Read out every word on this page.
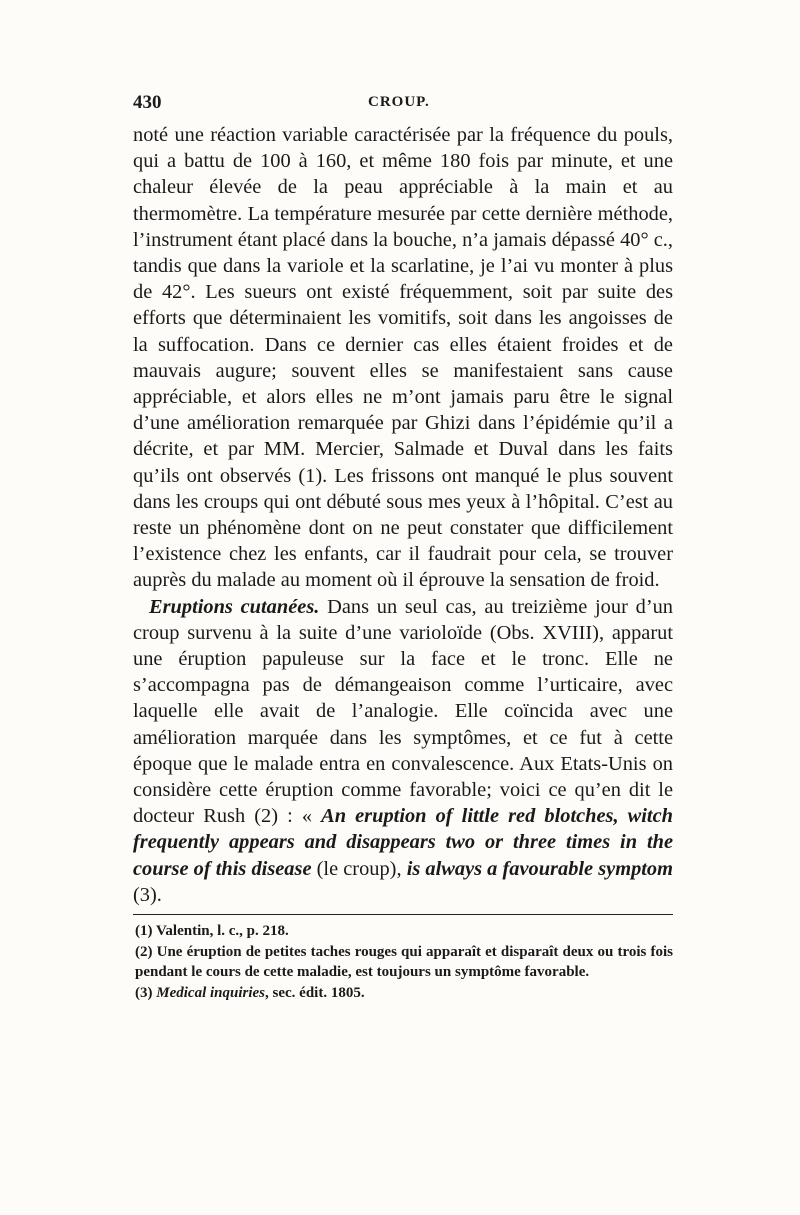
430	CROUP.

noté une réaction variable caractérisée par la fréquence du pouls, qui a battu de 100 à 160, et même 180 fois par minute, et une chaleur élevée de la peau appréciable à la main et au thermomètre. La température mesurée par cette dernière méthode, l’instrument étant placé dans la bouche, n’a jamais dépassé 40° c., tandis que dans la variole et la scarlatine, je l’ai vu monter à plus de 42°. Les sueurs ont existé fréquemment, soit par suite des efforts que déterminaient les vomitifs, soit dans les angoisses de la suffocation. Dans ce dernier cas elles étaient froides et de mauvais augure; souvent elles se manifestaient sans cause appréciable, et alors elles ne m’ont jamais paru être le signal d’une amélioration remarquée par Ghizi dans l’épidémie qu’il a décrite, et par MM. Mercier, Salmade et Duval dans les faits qu’ils ont observés (1). Les frissons ont manqué le plus souvent dans les croups qui ont débuté sous mes yeux à l’hôpital. C’est au reste un phénomène dont on ne peut constater que difficilement l’existence chez les enfants, car il faudrait pour cela, se trouver auprès du malade au moment où il éprouve la sensation de froid.

Eruptions cutanées. Dans un seul cas, au treizième jour d’un croup survenu à la suite d’une varioloïde (Obs. XVIII), apparut une éruption papuleuse sur la face et le tronc. Elle ne s’accompagna pas de démangeaison comme l’urticaire, avec laquelle elle avait de l’analogie. Elle coïncida avec une amélioration marquée dans les symptômes, et ce fut à cette époque que le malade entra en convalescence. Aux Etats-Unis on considère cette éruption comme favorable; voici ce qu’en dit le docteur Rush (2) : « An eruption of little red blotches, witch frequently appears and disappears two or three times in the course of this disease (le croup), is always a favourable symptom (3).

(1) Valentin, l. c., p. 218.

(2) Une éruption de petites taches rouges qui apparaît et disparaît deux ou trois fois pendant le cours de cette maladie, est toujours un symptôme favorable.

(3) Medical inquiries, sec. édit. 1805.
